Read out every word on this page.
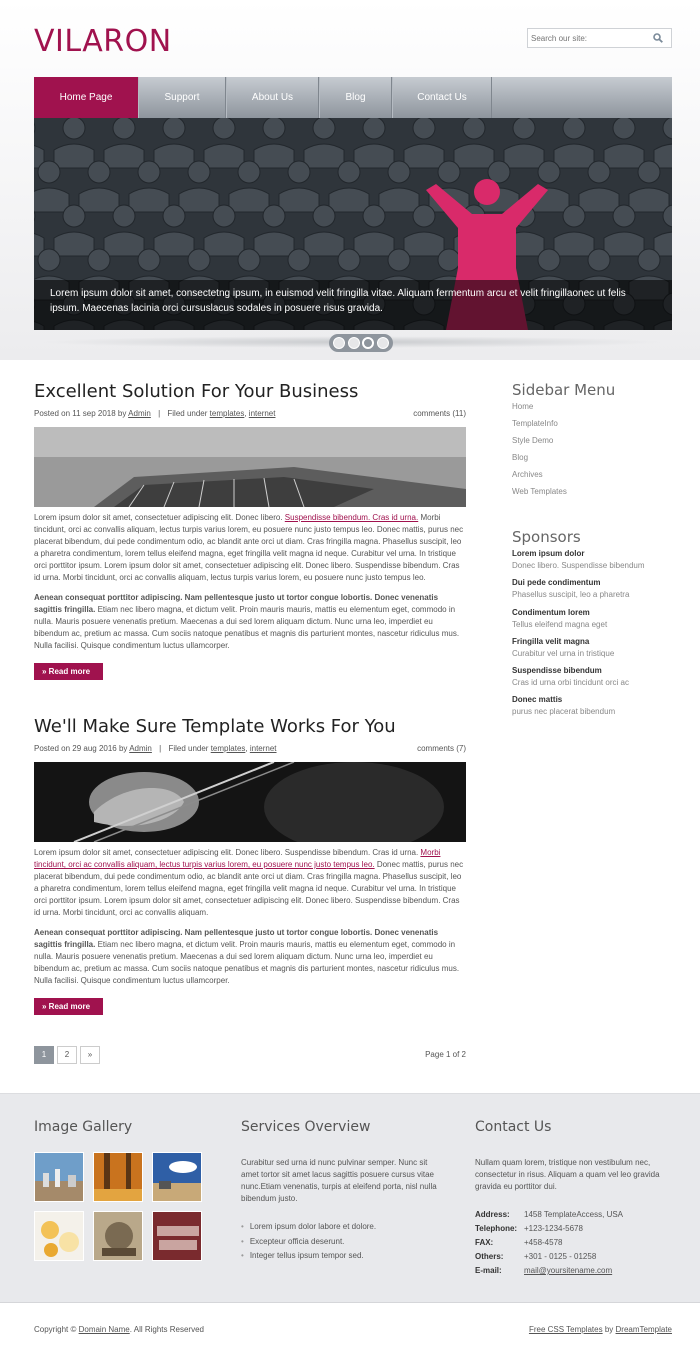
VILARON
Search our site:
Home Page	Support	About Us	Blog	Contact Us
Lorem ipsum dolor sit amet, consectetng ipsum, in euismod velit fringilla vitae. Aliquam fermentum arcu et velit fringillaonec ut felis ipsum. Maecenas lacinia orci cursuslacus sodales in posuere risus gravida.
Excellent Solution For Your Business
Posted on 11 sep 2018 by Admin | Filed under templates, internet	comments (11)

Lorem ipsum dolor sit amet, consectetuer adipiscing elit. Donec libero. Suspendisse bibendum. Cras id urna. Morbi tincidunt, orci ac convallis aliquam, lectus turpis varius lorem, eu posuere nunc justo tempus leo. Donec mattis, purus nec placerat bibendum, dui pede condimentum odio, ac blandit ante orci ut diam. Cras fringilla magna. Phasellus suscipit, leo a pharetra condimentum, lorem tellus eleifend magna, eget fringilla velit magna id neque. Curabitur vel urna. In tristique orci porttitor ipsum. Lorem ipsum dolor sit amet, consectetuer adipiscing elit. Donec libero. Suspendisse bibendum. Cras id urna. Morbi tincidunt, orci ac convallis aliquam, lectus turpis varius lorem, eu posuere nunc justo tempus leo.

Aenean consequat porttitor adipiscing. Nam pellentesque justo ut tortor congue lobortis. Donec venenatis sagittis fringilla. Etiam nec libero magna, et dictum velit. Proin mauris mauris, mattis eu elementum eget, commodo in nulla. Mauris posuere venenatis pretium. Maecenas a dui sed lorem aliquam dictum. Nunc urna leo, imperdiet eu bibendum ac, pretium ac massa. Cum sociis natoque penatibus et magnis dis parturient montes, nascetur ridiculus mus. Nulla facilisi. Quisque condimentum luctus ullamcorper.

» Read more
We'll Make Sure Template Works For You
Posted on 29 aug 2016 by Admin | Filed under templates, internet	comments (7)

Lorem ipsum dolor sit amet, consectetuer adipiscing elit. Donec libero. Suspendisse bibendum. Cras id urna. Morbi tincidunt, orci ac convallis aliquam, lectus turpis varius lorem, eu posuere nunc justo tempus leo. Donec mattis, purus nec placerat bibendum, dui pede condimentum odio, ac blandit ante orci ut diam. Cras fringilla magna. Phasellus suscipit, leo a pharetra condimentum, lorem tellus eleifend magna, eget fringilla velit magna id neque. Curabitur vel urna. In tristique orci porttitor ipsum. Lorem ipsum dolor sit amet, consectetuer adipiscing elit. Donec libero. Suspendisse bibendum. Cras id urna. Morbi tincidunt, orci ac convallis aliquam.

Aenean consequat porttitor adipiscing. Nam pellentesque justo ut tortor congue lobortis. Donec venenatis sagittis fringilla. Etiam nec libero magna, et dictum velit. Proin mauris mauris, mattis eu elementum eget, commodo in nulla. Mauris posuere venenatis pretium. Maecenas a dui sed lorem aliquam dictum. Nunc urna leo, imperdiet eu bibendum ac, pretium ac massa. Cum sociis natoque penatibus et magnis dis parturient montes, nascetur ridiculus mus. Nulla facilisi. Quisque condimentum luctus ullamcorper.

» Read more
1	2	»	Page 1 of 2
Sidebar Menu
Home
TemplateInfo
Style Demo
Blog
Archives
Web Templates
Sponsors
Lorem ipsum dolor
Donec libero. Suspendisse bibendum
Dui pede condimentum
Phasellus suscipit, leo a pharetra
Condimentum lorem
Tellus eleifend magna eget
Fringilla velit magna
Curabitur vel urna in tristique
Suspendisse bibendum
Cras id urna orbi tincidunt orci ac
Donec mattis
purus nec placerat bibendum
Image Gallery	Services Overview
Curabitur sed urna id nunc pulvinar semper. Nunc sit amet tortor sit amet lacus sagittis posuere cursus vitae nunc.Etiam venenatis, turpis at eleifend porta, nisl nulla bibendum justo.
• Lorem ipsum dolor labore et dolore.
• Excepteur officia deserunt.
• Integer tellus ipsum tempor sed.
Contact Us
Nullam quam lorem, tristique non vestibulum nec, consectetur in risus. Aliquam a quam vel leo gravida gravida eu porttitor dui.
Address:	1458 TemplateAccess, USA
Telephone: +123-1234-5678
FAX:	+458-4578
Others:	+301 - 0125 - 01258
E-mail:	mail@yoursitename.com
Copyright © Domain Name. All Rights Reserved	Free CSS Templates by DreamTemplate
